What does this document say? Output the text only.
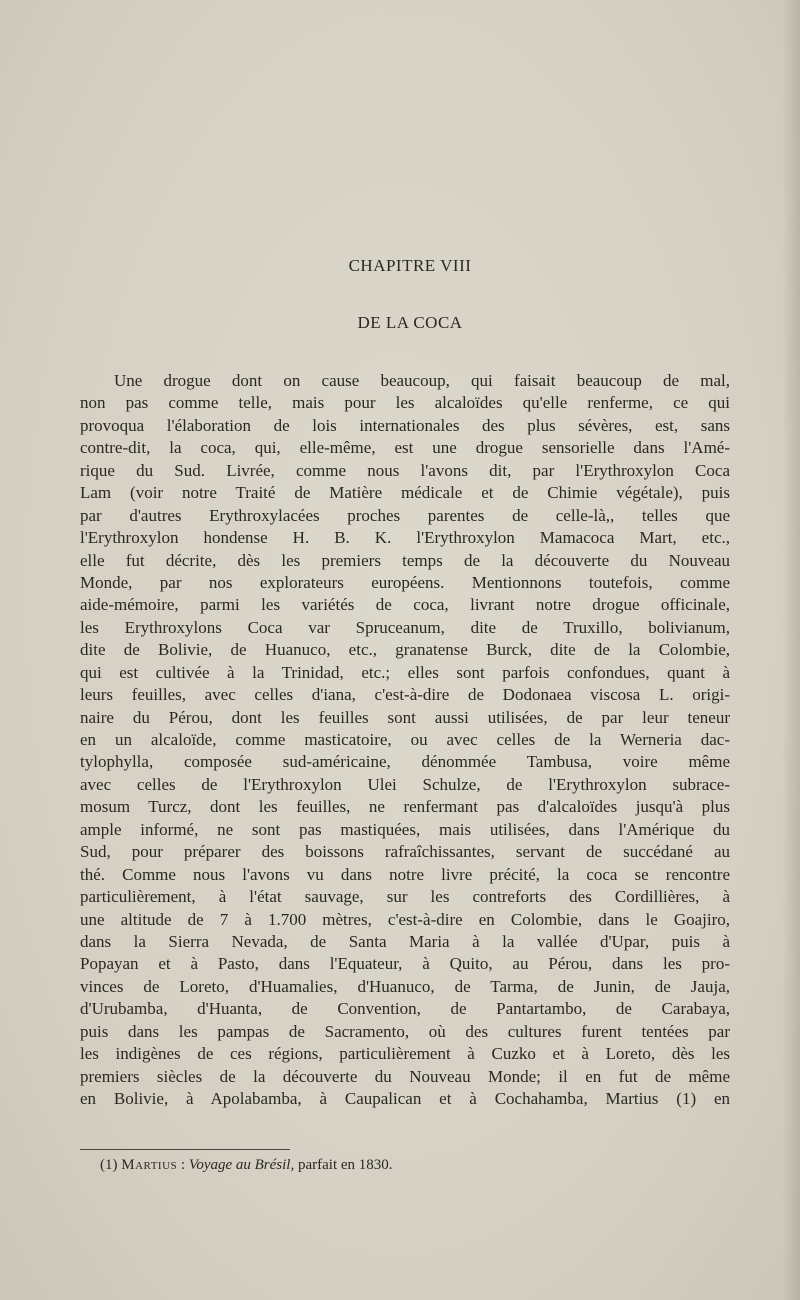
CHAPITRE VIII
DE LA COCA
Une drogue dont on cause beaucoup, qui faisait beaucoup de mal,
non pas comme telle, mais pour les alcaloïdes qu'elle renferme, ce qui
provoqua l'élaboration de lois internationales des plus sévères, est, sans
contre-dit, la coca, qui, elle-même, est une drogue sensorielle dans l'Amé-
rique du Sud. Livrée, comme nous l'avons dit, par l'Erythroxylon Coca
Lam (voir notre Traité de Matière médicale et de Chimie végétale), puis
par d'autres Erythroxylacées proches parentes de celle-là,, telles que
l'Erythroxylon hondense H. B. K. l'Erythroxylon Mamacoca Mart, etc.,
elle fut décrite, dès les premiers temps de la découverte du Nouveau
Monde, par nos explorateurs européens. Mentionnons toutefois, comme
aide-mémoire, parmi les variétés de coca, livrant notre drogue officinale,
les Erythroxylons Coca var Spruceanum, dite de Truxillo, bolivianum,
dite de Bolivie, de Huanuco, etc., granatense Burck, dite de la Colombie,
qui est cultivée à la Trinidad, etc.; elles sont parfois confondues, quant à
leurs feuilles, avec celles d'iana, c'est-à-dire de Dodonaea viscosa L. origi-
naire du Pérou, dont les feuilles sont aussi utilisées, de par leur teneur
en un alcaloïde, comme masticatoire, ou avec celles de la Werneria dac-
tylophylla, composée sud-américaine, dénommée Tambusa, voire même
avec celles de l'Erythroxylon Ulei Schulze, de l'Erythroxylon subrace-
mosum Turcz, dont les feuilles, ne renfermant pas d'alcaloïdes jusqu'à plus
ample informé, ne sont pas mastiquées, mais utilisées, dans l'Amérique du
Sud, pour préparer des boissons rafraîchissantes, servant de succédané au
thé. Comme nous l'avons vu dans notre livre précité, la coca se rencontre
particulièrement, à l'état sauvage, sur les contreforts des Cordillières, à
une altitude de 7 à 1.700 mètres, c'est-à-dire en Colombie, dans le Goajiro,
dans la Sierra Nevada, de Santa Maria à la vallée d'Upar, puis à
Popayan et à Pasto, dans l'Equateur, à Quito, au Pérou, dans les pro-
vinces de Loreto, d'Huamalies, d'Huanuco, de Tarma, de Junin, de Jauja,
d'Urubamba, d'Huanta, de Convention, de Pantartambo, de Carabaya,
puis dans les pampas de Sacramento, où des cultures furent tentées par
les indigènes de ces régions, particulièrement à Cuzko et à Loreto, dès les
premiers siècles de la découverte du Nouveau Monde; il en fut de même
en Bolivie, à Apolabamba, à Caupalican et à Cochahamba, Martius (1) en
(1) Martius : Voyage au Brésil, parfait en 1830.
